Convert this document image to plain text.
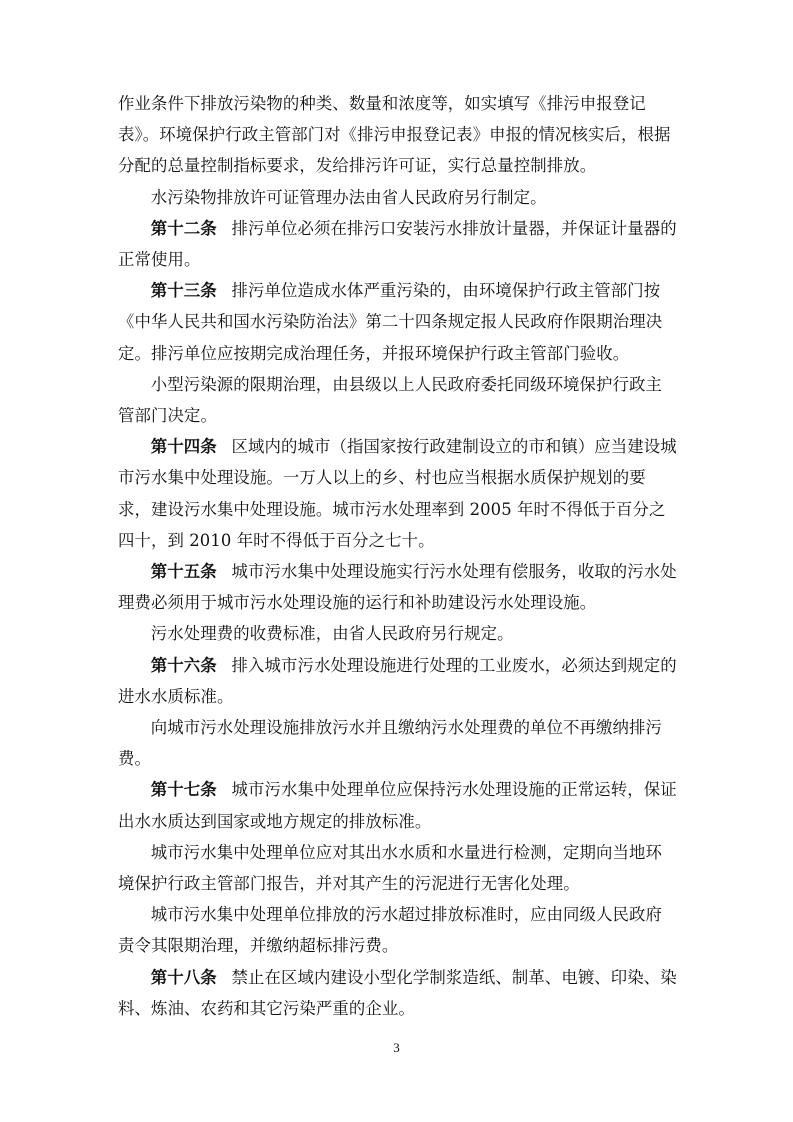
作业条件下排放污染物的种类、数量和浓度等，如实填写《排污申报登记表》。环境保护行政主管部门对《排污申报登记表》申报的情况核实后，根据分配的总量控制指标要求，发给排污许可证，实行总量控制排放。

水污染物排放许可证管理办法由省人民政府另行制定。

第十二条 排污单位必须在排污口安装污水排放计量器，并保证计量器的正常使用。

第十三条 排污单位造成水体严重污染的，由环境保护行政主管部门按《中华人民共和国水污染防治法》第二十四条规定报人民政府作限期治理决定。排污单位应按期完成治理任务，并报环境保护行政主管部门验收。

小型污染源的限期治理，由县级以上人民政府委托同级环境保护行政主管部门决定。

第十四条 区域内的城市（指国家按行政建制设立的市和镇）应当建设城市污水集中处理设施。一万人以上的乡、村也应当根据水质保护规划的要求，建设污水集中处理设施。城市污水处理率到 2005 年时不得低于百分之四十，到 2010 年时不得低于百分之七十。

第十五条 城市污水集中处理设施实行污水处理有偿服务，收取的污水处理费必须用于城市污水处理设施的运行和补助建设污水处理设施。

污水处理费的收费标准，由省人民政府另行规定。

第十六条 排入城市污水处理设施进行处理的工业废水，必须达到规定的进水水质标准。

向城市污水处理设施排放污水并且缴纳污水处理费的单位不再缴纳排污费。

第十七条 城市污水集中处理单位应保持污水处理设施的正常运转，保证出水水质达到国家或地方规定的排放标准。

城市污水集中处理单位应对其出水水质和水量进行检测，定期向当地环境保护行政主管部门报告，并对其产生的污泥进行无害化处理。

城市污水集中处理单位排放的污水超过排放标准时，应由同级人民政府责令其限期治理，并缴纳超标排污费。

第十八条 禁止在区域内建设小型化学制浆造纸、制革、电镀、印染、染料、炼油、农药和其它污染严重的企业。

3
